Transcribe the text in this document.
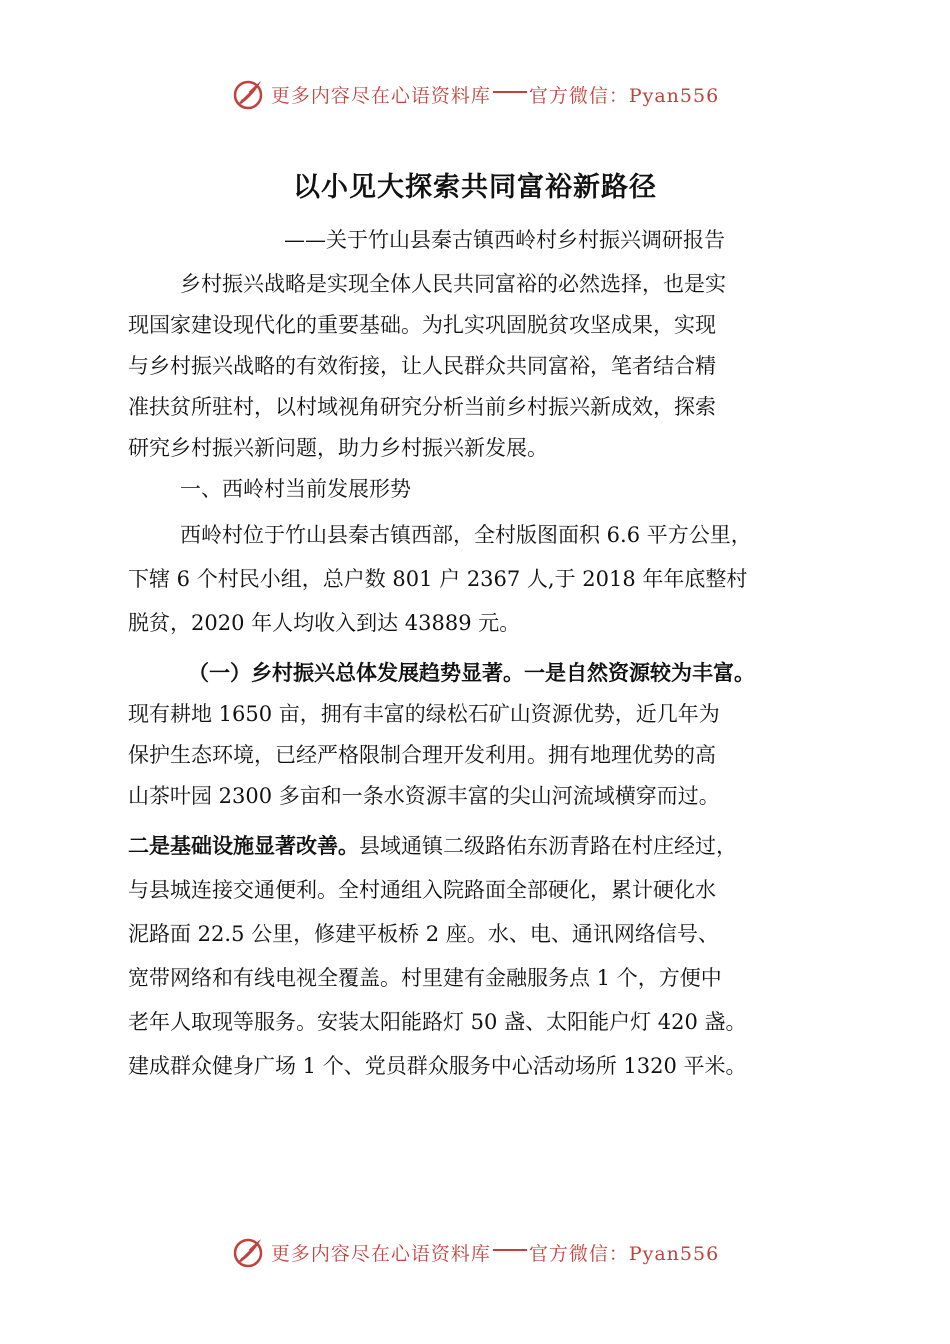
更多内容尽在心语资料库 官方微信：Pyan556
以小见大探索共同富裕新路径
——关于竹山县秦古镇西岭村乡村振兴调研报告
乡村振兴战略是实现全体人民共同富裕的必然选择，也是实
现国家建设现代化的重要基础。为扎实巩固脱贫攻坚成果，实现
与乡村振兴战略的有效衔接，让人民群众共同富裕，笔者结合精
准扶贫所驻村，以村域视角研究分析当前乡村振兴新成效，探索
研究乡村振兴新问题，助力乡村振兴新发展。
一、西岭村当前发展形势
西岭村位于竹山县秦古镇西部，全村版图面积 6.6 平方公里，
下辖 6 个村民小组，总户数 801 户 2367 人,于 2018 年年底整村
脱贫，2020 年人均收入到达 43889 元。
（一）乡村振兴总体发展趋势显著。一是自然资源较为丰富。
现有耕地 1650 亩，拥有丰富的绿松石矿山资源优势，近几年为
保护生态环境，已经严格限制合理开发利用。拥有地理优势的高
山茶叶园 2300 多亩和一条水资源丰富的尖山河流域横穿而过。
二是基础设施显著改善。县域通镇二级路佑东沥青路在村庄经过，
与县城连接交通便利。全村通组入院路面全部硬化，累计硬化水
泥路面 22.5 公里，修建平板桥 2 座。水、电、通讯网络信号、
宽带网络和有线电视全覆盖。村里建有金融服务点 1 个，方便中
老年人取现等服务。安装太阳能路灯 50 盏、太阳能户灯 420 盏。
建成群众健身广场 1 个、党员群众服务中心活动场所 1320 平米。
更多内容尽在心语资料库 官方微信：Pyan556
